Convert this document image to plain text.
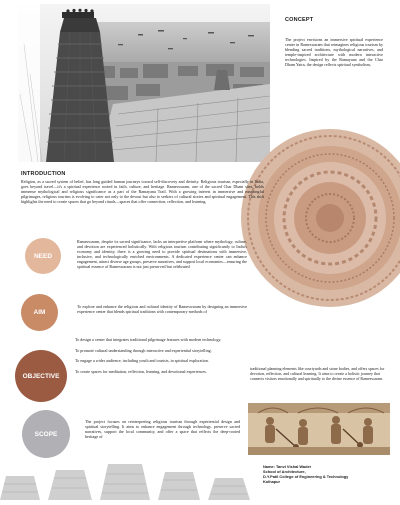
CONCEPT
The project envisions an immersive spiritual experience center in Rameswaram that reimagines religious tourism by blending sacred traditions, mythological narratives, and temple-inspired architecture with modern interactive technologies. Inspired by the Ramayana and the Char Dham Yatra, the design reflects spiritual symbolism,
INTRODUCTION
Religion, as a sacred system of belief, has long guided human journeys toward self-discovery and divinity. Religious tourism, especially in India, goes beyond travel—it's a spiritual experience rooted in faith, culture, and heritage. Rameswaram, one of the sacred Char Dham sites, holds immense mythological and religious significance as a part of the Ramayana Trail. With a growing interest in immersive and meaningful pilgrimages, religious tourism is evolving to cater not only to the devout but also to seekers of cultural stories and spiritual engagement. This shift highlights the need to create spaces that go beyond rituals—spaces that offer connection, reflection, and learning.
NEED
Rameswaram, despite its sacred significance, lacks an interpretive platform where mythology, culture, and devotion are experienced holistically. With religious tourism contributing significantly to India's economy and identity, there is a growing need to provide spiritual destinations with immersive, inclusive, and technologically enriched environments. A dedicated experience center can enhance engagement, attract diverse age groups, preserve narratives, and support local economies—ensuring the spiritual essence of Rameswaram is not just preserved but celebrated
AIM
To explore and enhance the religious and cultural identity of Rameswaram by designing an immersive experience center that blends spiritual traditions with contemporary methods of
OBJECTIVE

To design a center that integrates traditional pilgrimage features with modern technology.

To promote cultural understanding through interactive and experiential storytelling.

To engage a wider audience, including youth and tourists, in spiritual exploration.

To create spaces for meditation, reflection, learning, and devotional experiences.	traditional planning elements like courtyards and stone bodies, and offers spaces for devotion, reflection, and cultural learning. It aims to create a holistic journey that connects visitors emotionally and spiritually to the divine essence of Rameswaram.
SCOPE
The project focuses on reinterpreting religious tourism through experiential design and spiritual storytelling. It aims to enhance engagement through technology, preserve sacred narratives, support the local community, and offer a space that reflects the deep-rooted heritage of
Name: Tanvi Vishal Wader
School of Architecture,
D.Y.Patil College of Engineering & Technology
Kolhapur
